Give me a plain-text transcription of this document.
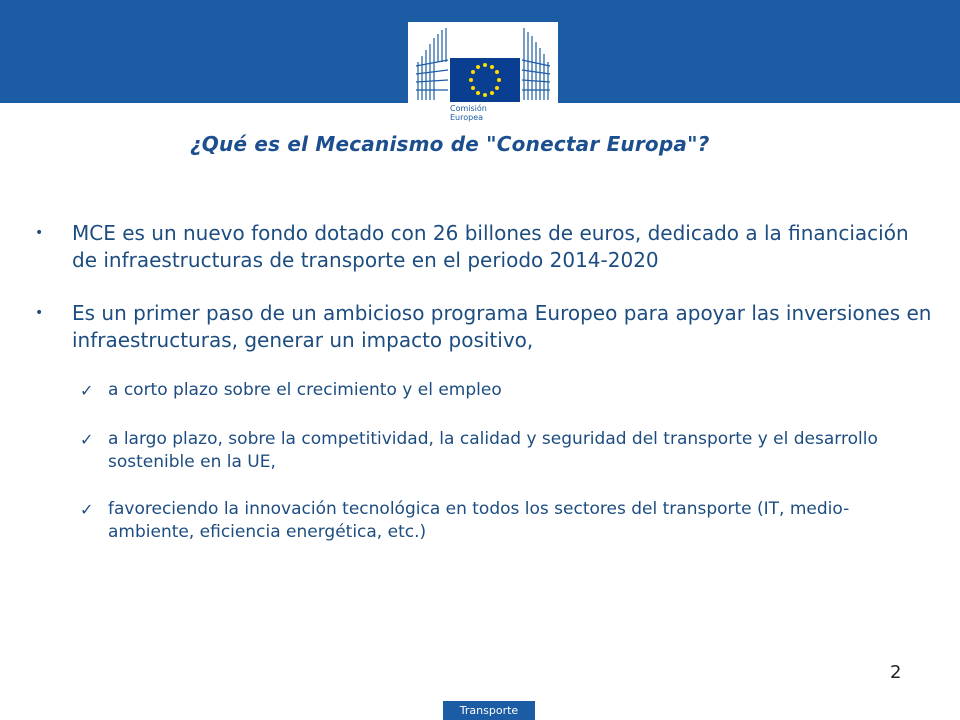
Comisión
Europea
¿Qué es el Mecanismo de "Conectar Europa"?
• MCE es un nuevo fondo dotado con 26 billones de euros, dedicado a la financiación de infraestructuras de transporte en el periodo 2014-2020
• Es un primer paso de un ambicioso programa Europeo para apoyar las inversiones en infraestructuras, generar un impacto positivo,
✓ a corto plazo sobre el crecimiento y el empleo
✓ a largo plazo, sobre la competitividad, la calidad y seguridad del transporte y el desarrollo sostenible en la UE,
✓ favoreciendo la innovación tecnológica en todos los sectores del transporte (IT, medio-ambiente, eficiencia energética, etc.)
2
Transporte
